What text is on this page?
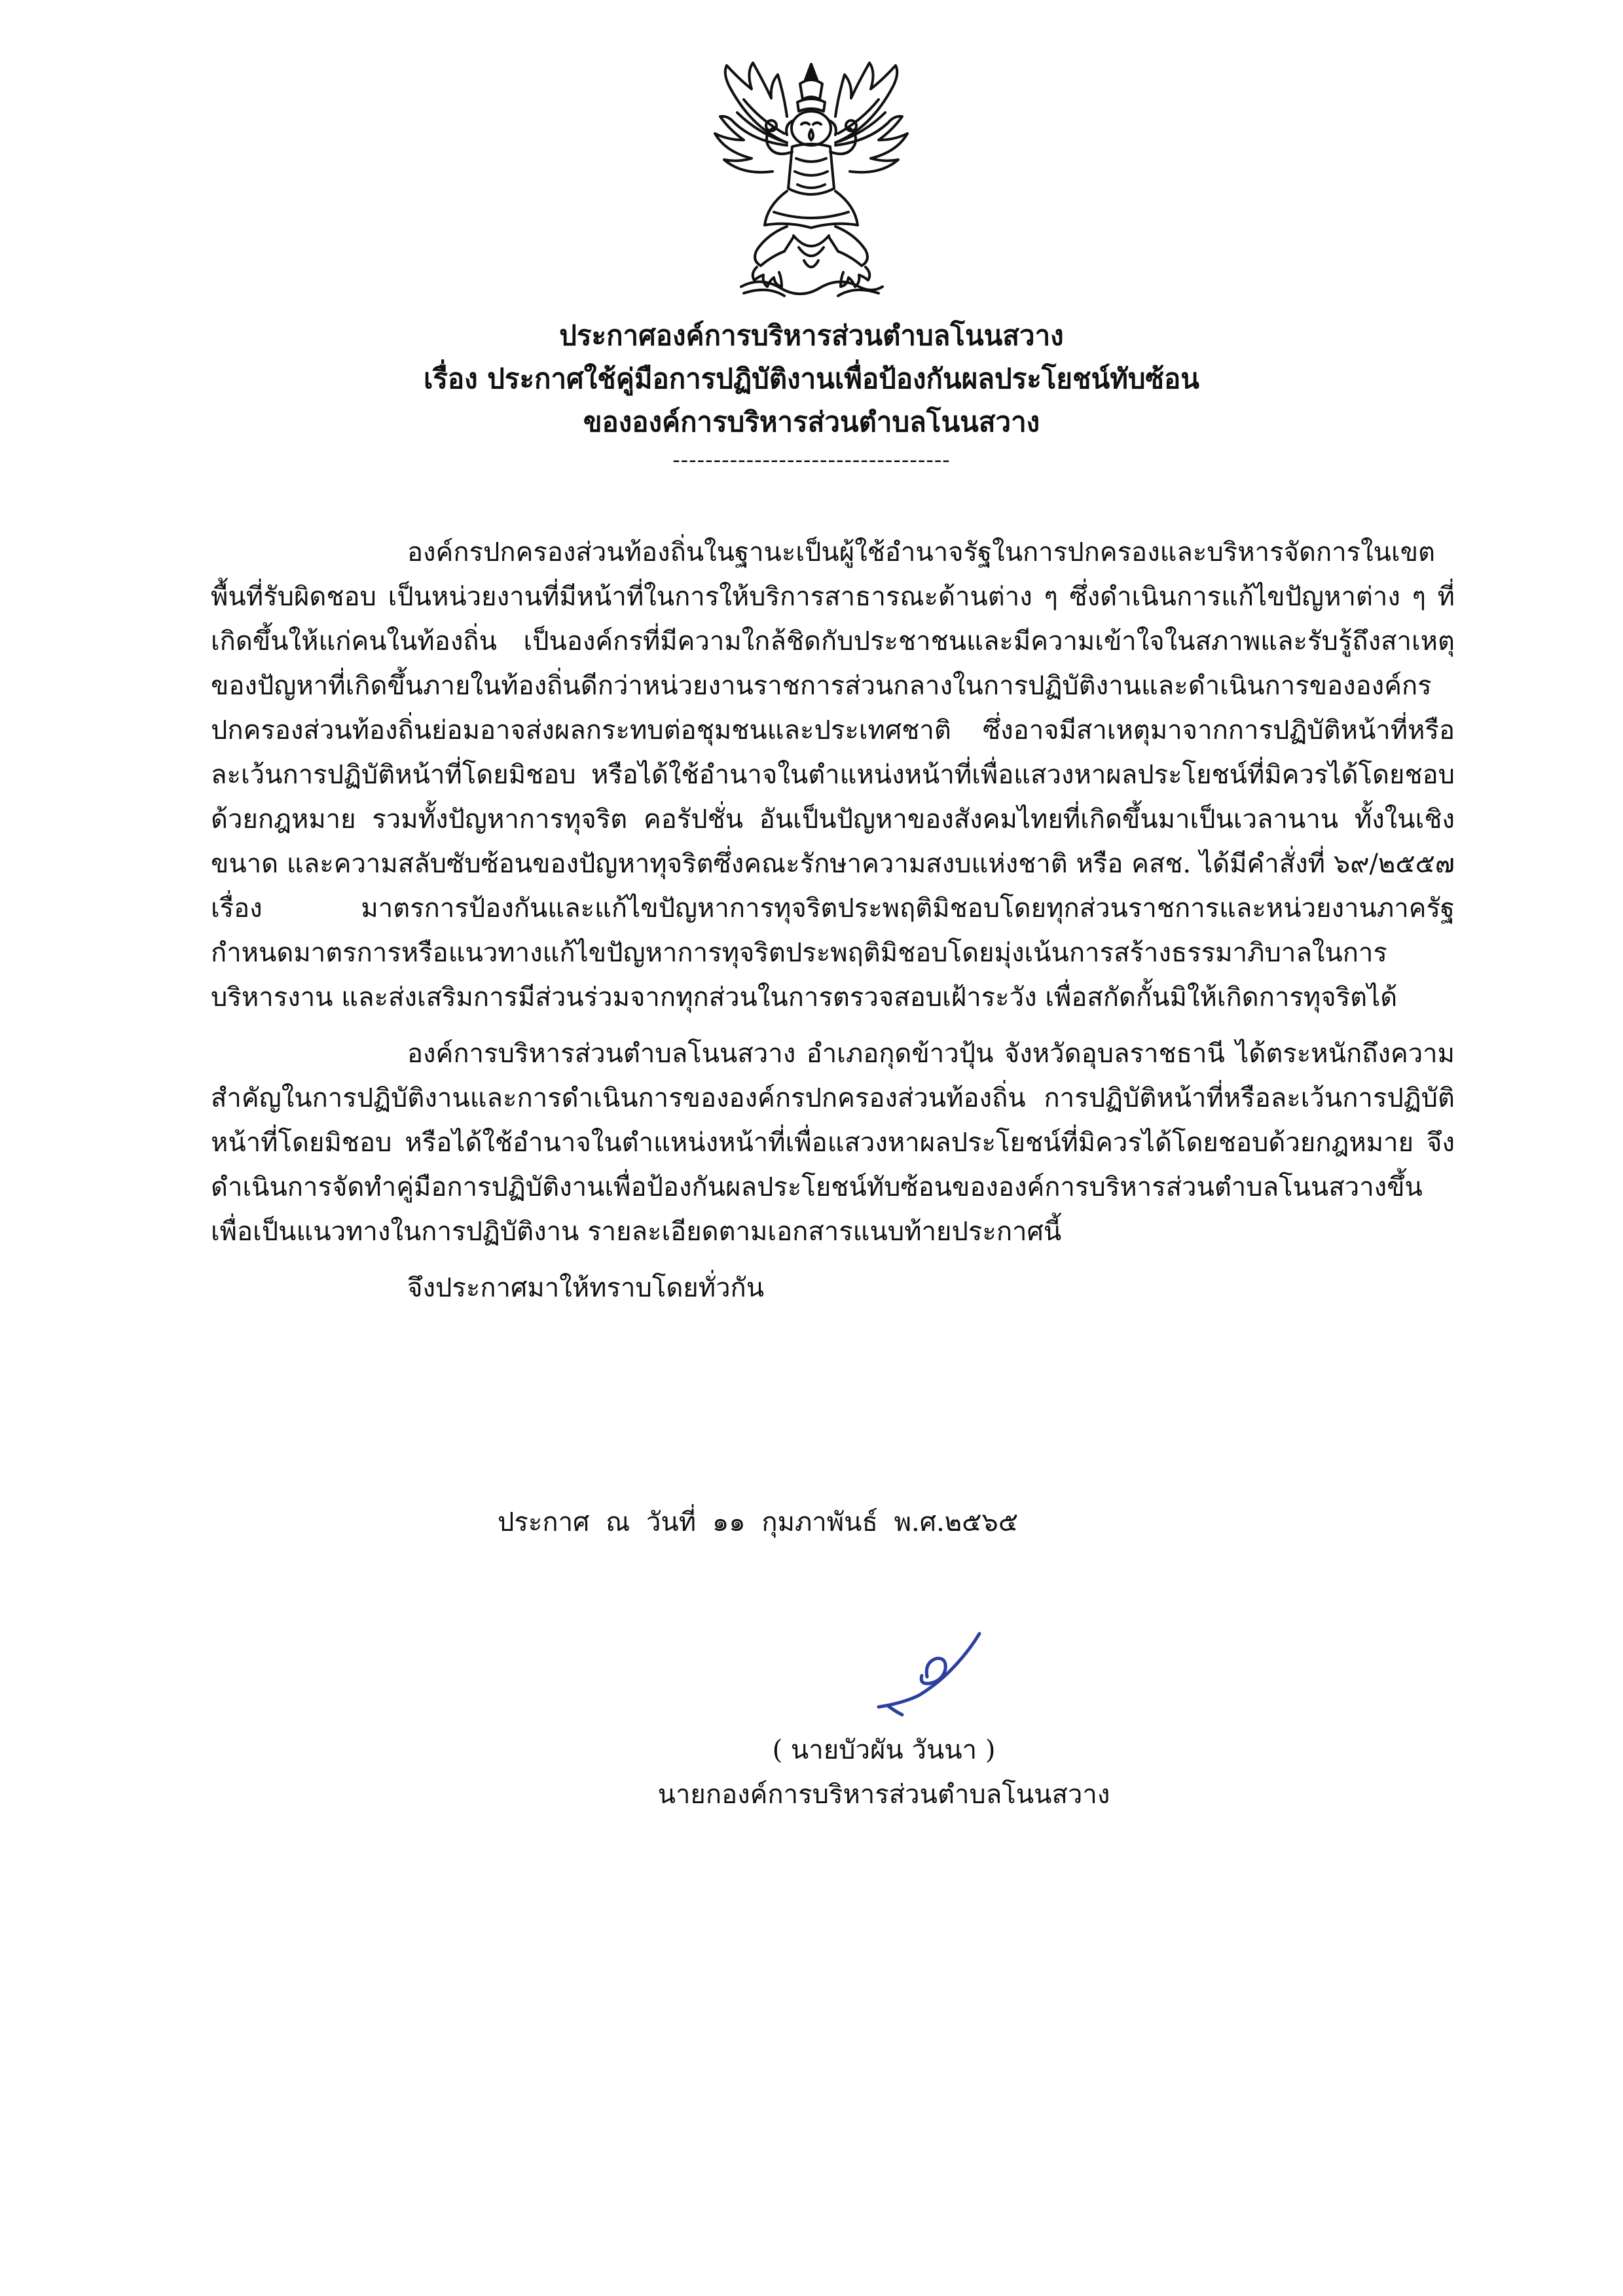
ประกาศองค์การบริหารส่วนตำบลโนนสวาง
เรื่อง ประกาศใช้คู่มือการปฏิบัติงานเพื่อป้องกันผลประโยชน์ทับซ้อน
ขององค์การบริหารส่วนตำบลโนนสวาง
----------------------------------

องค์กรปกครองส่วนท้องถิ่นในฐานะเป็นผู้ใช้อำนาจรัฐในการปกครองและบริหารจัดการในเขตพื้นที่รับผิดชอบ เป็นหน่วยงานที่มีหน้าที่ในการให้บริการสาธารณะด้านต่าง ๆ ซึ่งดำเนินการแก้ไขปัญหาต่าง ๆ ที่เกิดขึ้นให้แก่คนในท้องถิ่น เป็นองค์กรที่มีความใกล้ชิดกับประชาชนและมีความเข้าใจในสภาพและรับรู้ถึงสาเหตุของปัญหาที่เกิดขึ้นภายในท้องถิ่นดีกว่าหน่วยงานราชการส่วนกลางในการปฏิบัติงานและดำเนินการขององค์กรปกครองส่วนท้องถิ่นย่อมอาจส่งผลกระทบต่อชุมชนและประเทศชาติ ซึ่งอาจมีสาเหตุมาจากการปฏิบัติหน้าที่หรือละเว้นการปฏิบัติหน้าที่โดยมิชอบ หรือได้ใช้อำนาจในตำแหน่งหน้าที่เพื่อแสวงหาผลประโยชน์ที่มิควรได้โดยชอบด้วยกฎหมาย รวมทั้งปัญหาการทุจริต คอรัปชั่น อันเป็นปัญหาของสังคมไทยที่เกิดขึ้นมาเป็นเวลานาน ทั้งในเชิงขนาด และความสลับซับซ้อนของปัญหาทุจริตซึ่งคณะรักษาความสงบแห่งชาติ หรือ คสช. ได้มีคำสั่งที่ ๖๙/๒๕๕๗ เรื่อง มาตรการป้องกันและแก้ไขปัญหาการทุจริตประพฤติมิชอบโดยทุกส่วนราชการและหน่วยงานภาครัฐ กำหนดมาตรการหรือแนวทางแก้ไขปัญหาการทุจริตประพฤติมิชอบโดยมุ่งเน้นการสร้างธรรมาภิบาลในการบริหารงาน และส่งเสริมการมีส่วนร่วมจากทุกส่วนในการตรวจสอบเฝ้าระวัง เพื่อสกัดกั้นมิให้เกิดการทุจริตได้

องค์การบริหารส่วนตำบลโนนสวาง อำเภอกุดข้าวปุ้น จังหวัดอุบลราชธานี ได้ตระหนักถึงความสำคัญในการปฏิบัติงานและการดำเนินการขององค์กรปกครองส่วนท้องถิ่น การปฏิบัติหน้าที่หรือละเว้นการปฏิบัติหน้าที่โดยมิชอบ หรือได้ใช้อำนาจในตำแหน่งหน้าที่เพื่อแสวงหาผลประโยชน์ที่มิควรได้โดยชอบด้วยกฎหมาย จึงดำเนินการจัดทำคู่มือการปฏิบัติงานเพื่อป้องกันผลประโยชน์ทับซ้อนขององค์การบริหารส่วนตำบลโนนสวางขึ้นเพื่อเป็นแนวทางในการปฏิบัติงาน รายละเอียดตามเอกสารแนบท้ายประกาศนี้

จึงประกาศมาให้ทราบโดยทั่วกัน

ประกาศ ณ วันที่ ๑๑ กุมภาพันธ์ พ.ศ.๒๕๖๕
( นายบัวผัน วันนา )
นายกองค์การบริหารส่วนตำบลโนนสวาง
